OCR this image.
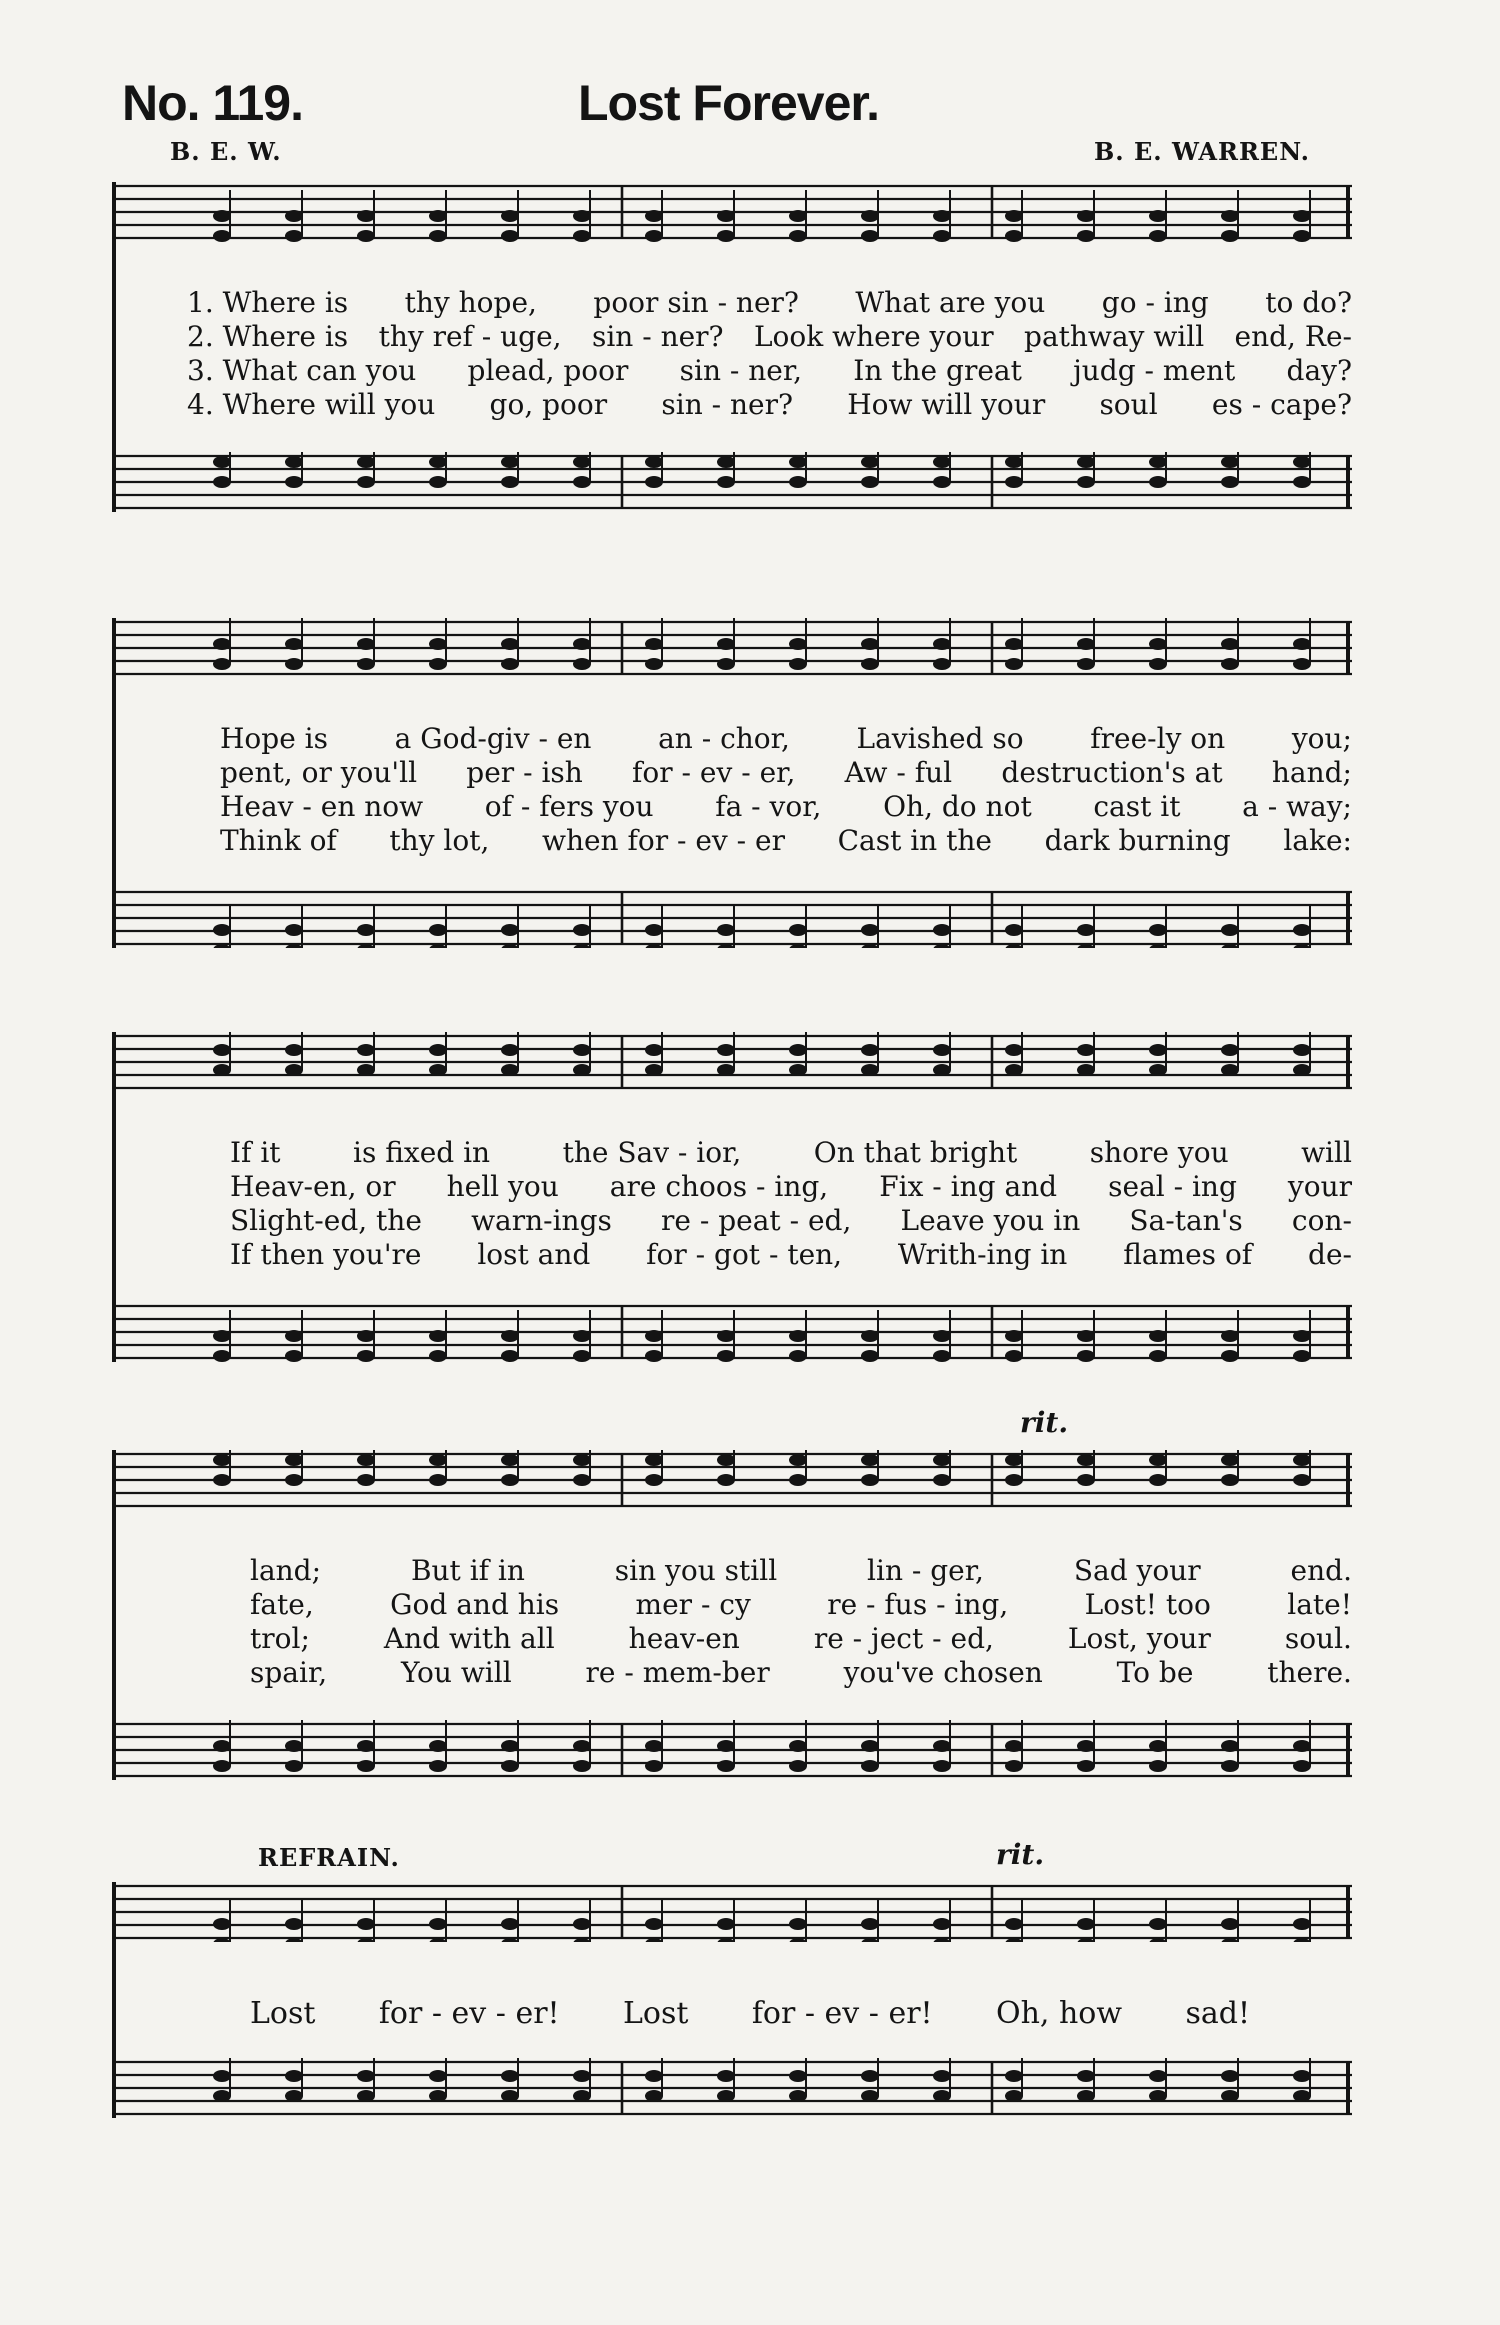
No. 119.	Lost Forever.
B. E. W.	B. E. WARREN.
1. Where is thy hope, poor sin - ner? What are you go - ing to do?
2. Where is thy ref - uge, sin - ner? Look where your pathway will end, Re-
3. What can you plead, poor sin - ner, In the great judg - ment day?
4. Where will you go, poor sin - ner? How will your soul es - cape?
Hope is a God-giv - en an - chor, Lavished so free-ly on you;
pent, or you'll per - ish for - ev - er, Aw - ful destruction's at hand;
Heav - en now of - fers you fa - vor, Oh, do not cast it a - way;
Think of thy lot, when for - ev - er Cast in the dark burning lake:
If it	is fixed in	the Sav - ior,	On that bright	shore you	will
Heav-en, or hell you are choos - ing, Fix - ing and seal - ing your
Slight-ed, the warn-ings re - peat - ed, Leave you in Sa-tan's con-
If then you're lost and for - got - ten, Writh-ing in flames of de-
rit.
land;	But if in	sin you still	lin - ger,	Sad your	end.
fate,	God and his	mer - cy	re - fus - ing,	Lost! too	late!
trol;	And with all	heav-en	re - ject - ed,	Lost, your	soul.
spair,	You will	re - mem-ber	you've chosen	To be	there.
REFRAIN.	rit.
Lost for - ev - er! Lost for - ev - er! Oh, how sad!
